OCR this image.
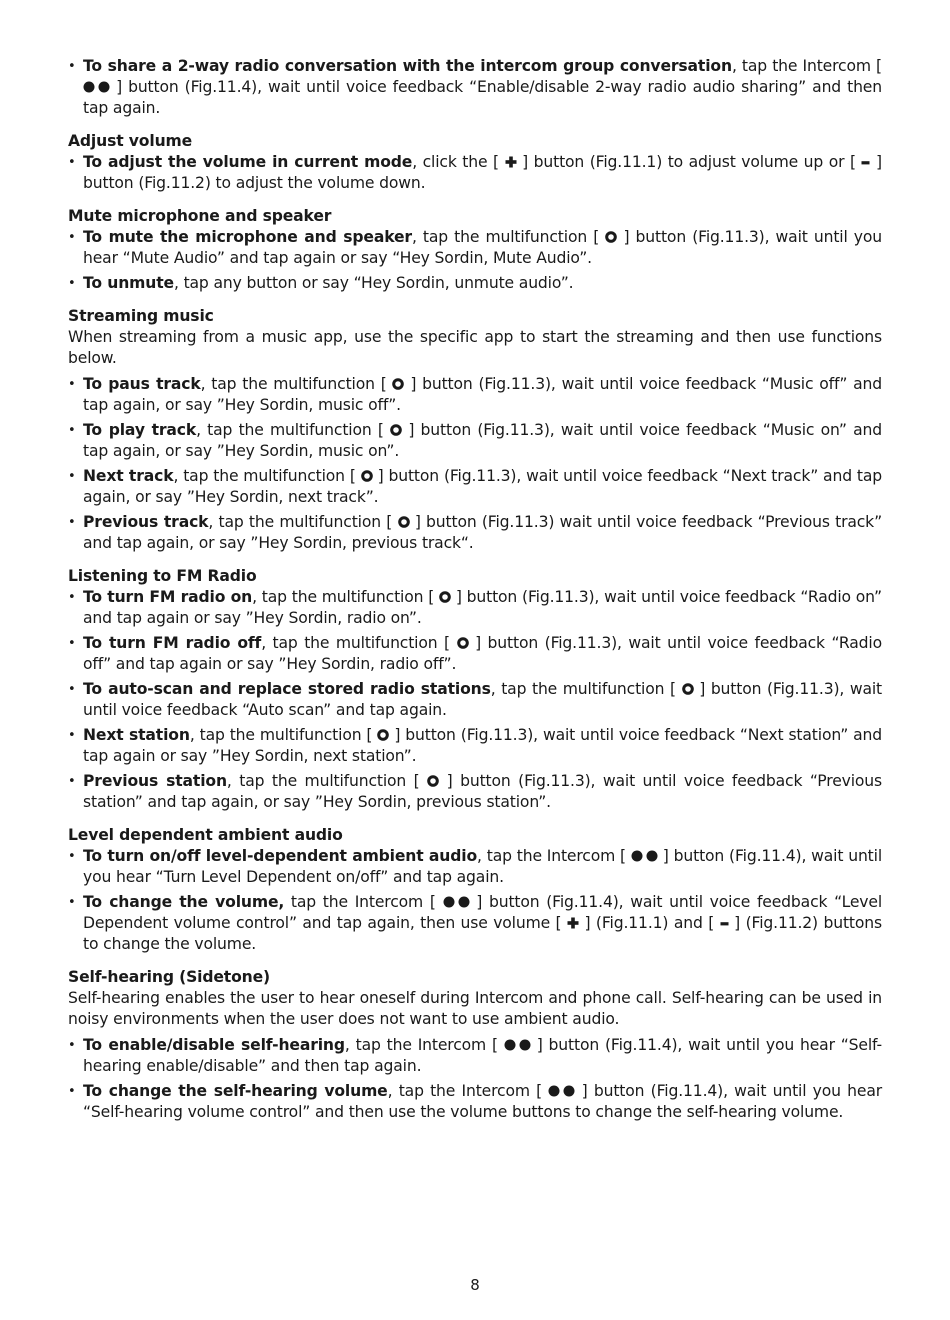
• To share a 2-way radio conversation with the intercom group conversation, tap the Intercom [
] button (Fig.11.4), wait until voice feedback “Enable/disable 2-way radio audio sharing” and then tap again.

Adjust volume

• To adjust the volume in current mode, click the [
] button (Fig.11.1) to adjust volume up or [
] button (Fig.11.2) to adjust the volume down.

Mute microphone and speaker

• To mute the microphone and speaker, tap the multifunction [
] button (Fig.11.3), wait until you hear “Mute Audio” and tap again or say “Hey Sordin, Mute Audio”.
• To unmute, tap any button or say “Hey Sordin, unmute audio”.

Streaming music

When streaming from a music app, use the specific app to start the streaming and then use functions below.

• To paus track, tap the multifunction [
] button (Fig.11.3), wait until voice feedback “Music off” and tap again, or say ”Hey Sordin, music off”.
• To play track, tap the multifunction [
] button (Fig.11.3), wait until voice feedback “Music on” and tap again, or say ”Hey Sordin, music on”.
• Next track, tap the multifunction [
] button (Fig.11.3), wait until voice feedback “Next track” and tap again, or say ”Hey Sordin, next track”.
• Previous track, tap the multifunction [
] button (Fig.11.3) wait until voice feedback “Previous track” and tap again, or say ”Hey Sordin, previous track“.

Listening to FM Radio

• To turn FM radio on, tap the multifunction [
] button (Fig.11.3), wait until voice feedback “Radio on” and tap again or say ”Hey Sordin, radio on”.
• To turn FM radio off, tap the multifunction [
] button (Fig.11.3), wait until voice feedback “Radio off” and tap again or say ”Hey Sordin, radio off”.
• To auto-scan and replace stored radio stations, tap the multifunction [
] button (Fig.11.3), wait until voice feedback “Auto scan” and tap again.
• Next station, tap the multifunction [
] button (Fig.11.3), wait until voice feedback “Next station” and tap again or say ”Hey Sordin, next station”.
• Previous station, tap the multifunction [
] button (Fig.11.3), wait until voice feedback “Previous station” and tap again, or say ”Hey Sordin, previous station”.

Level dependent ambient audio

• To turn on/off level-dependent ambient audio, tap the Intercom [
] button (Fig.11.4), wait until you hear “Turn Level Dependent on/off” and tap again.
• To change the volume, tap the Intercom [
] button (Fig.11.4), wait until voice feedback “Level Dependent volume control” and tap again, then use volume [
] (Fig.11.1) and [
] (Fig.11.2) buttons to change the volume.

Self-hearing (Sidetone)

Self-hearing enables the user to hear oneself during Intercom and phone call. Self-hearing can be used in noisy environments when the user does not want to use ambient audio.

• To enable/disable self-hearing, tap the Intercom [
] button (Fig.11.4), wait until you hear “Self-hearing enable/disable” and then tap again.
• To change the self-hearing volume, tap the Intercom [
] button (Fig.11.4), wait until you hear “Self-hearing volume control” and then use the volume buttons to change the self-hearing volume.
8
